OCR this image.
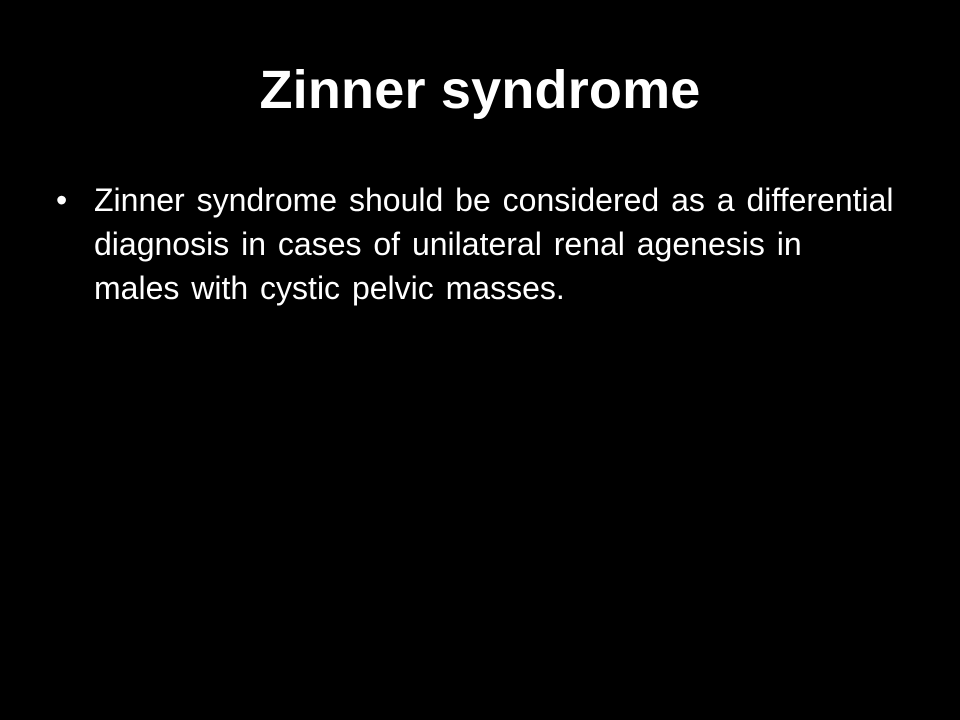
Zinner syndrome
• Zinner syndrome should be considered as a differential diagnosis in cases of unilateral renal agenesis in males with cystic pelvic masses.
